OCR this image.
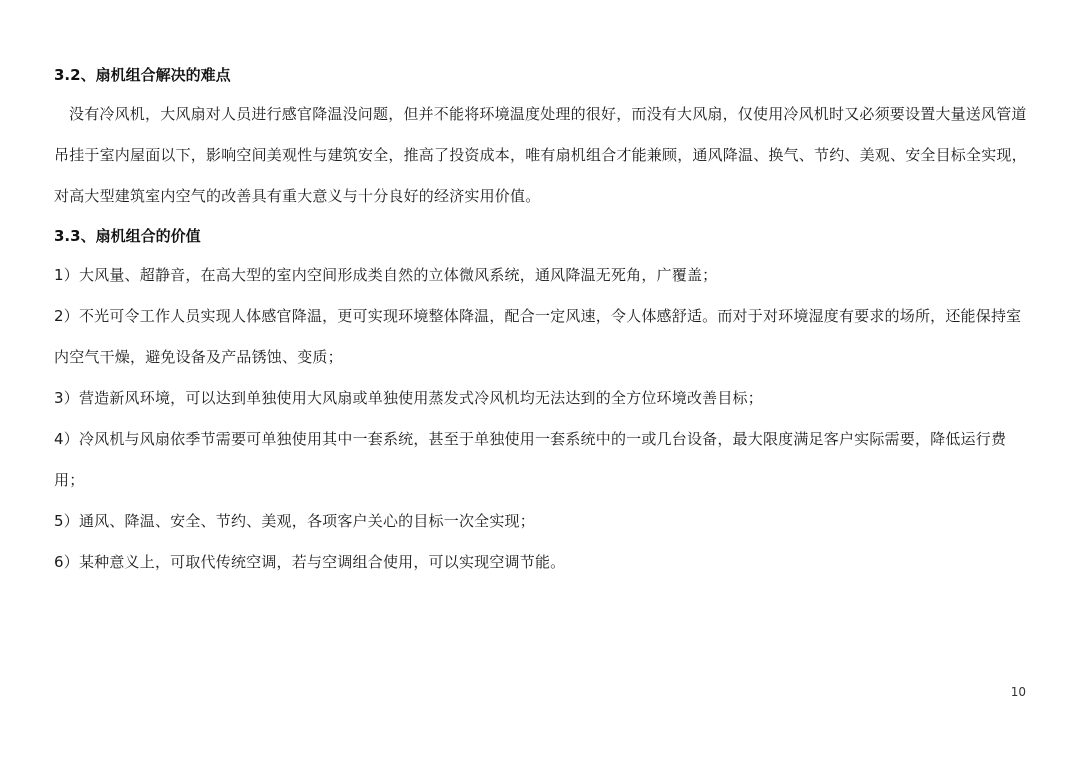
3.2、扇机组合解决的难点

没有冷风机，大风扇对人员进行感官降温没问题，但并不能将环境温度处理的很好，而没有大风扇，仅使用冷风机时又必须要设置大量送风管道吊挂于室内屋面以下，影响空间美观性与建筑安全，推高了投资成本，唯有扇机组合才能兼顾，通风降温、换气、节约、美观、安全目标全实现，对高大型建筑室内空气的改善具有重大意义与十分良好的经济实用价值。

3.3、扇机组合的价值
1）大风量、超静音，在高大型的室内空间形成类自然的立体微风系统，通风降温无死角，广覆盖；
2）不光可令工作人员实现人体感官降温，更可实现环境整体降温，配合一定风速，令人体感舒适。而对于对环境湿度有要求的场所，还能保持室内空气干燥，避免设备及产品锈蚀、变质；
3）营造新风环境，可以达到单独使用大风扇或单独使用蒸发式冷风机均无法达到的全方位环境改善目标；
4）冷风机与风扇依季节需要可单独使用其中一套系统，甚至于单独使用一套系统中的一或几台设备，最大限度满足客户实际需要，降低运行费用；
5）通风、降温、安全、节约、美观，各项客户关心的目标一次全实现；
6）某种意义上，可取代传统空调，若与空调组合使用，可以实现空调节能。
10
